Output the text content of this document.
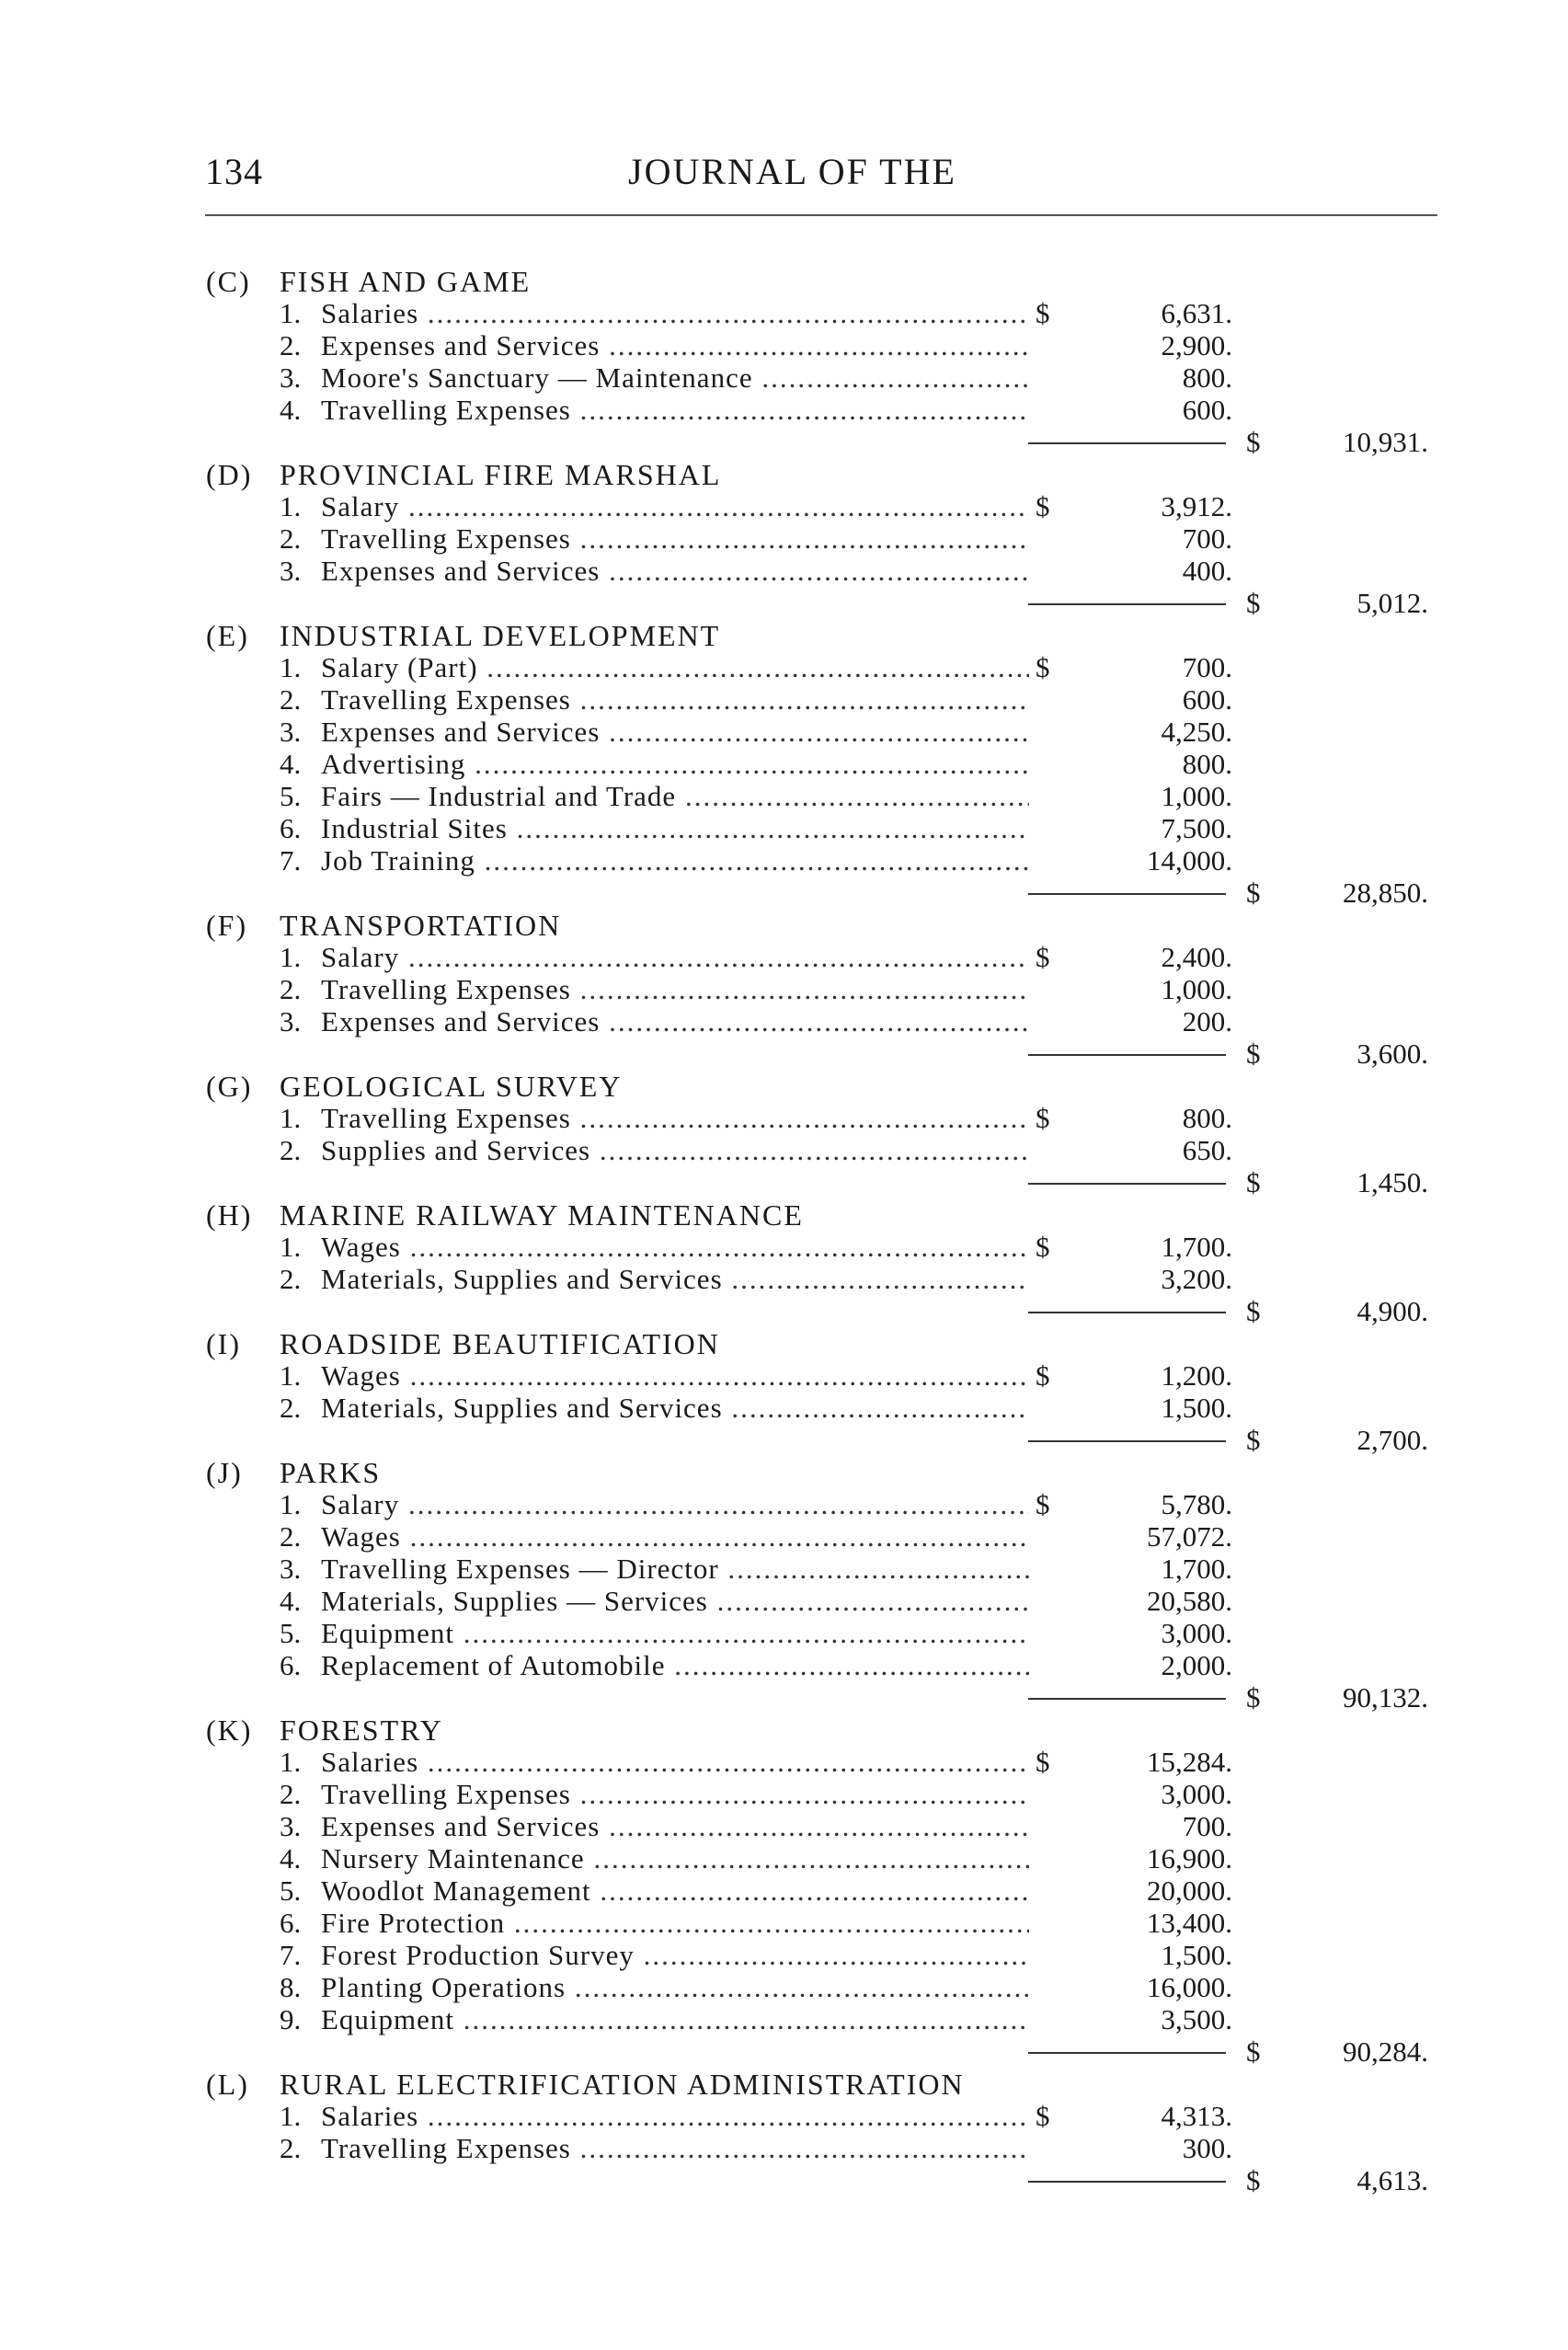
134	JOURNAL OF THE
(C) FISH AND GAME
1. Salaries .....	6,631.
$
2. Expenses and Services .....	2,900.
3. Moore's Sanctuary — Maintenance .....	800.
4. Travelling Expenses .....	600.
$	10,931.
(D) PROVINCIAL FIRE MARSHAL
1. Salary .....	3,912.
$
2. Travelling Expenses .....	700.
3. Expenses and Services .....	400.
$	5,012.
(E) INDUSTRIAL DEVELOPMENT
1. Salary (Part) .....	700.
$
2. Travelling Expenses .....	600.
3. Expenses and Services .....	4,250.
4. Advertising .....	800.
5. Fairs — Industrial and Trade .....	1,000.
6. Industrial Sites .....	7,500.
7. Job Training .....	14,000.
$	28,850.
(F) TRANSPORTATION
1. Salary .....	2,400.
$
2. Travelling Expenses .....	1,000.
3. Expenses and Services .....	200.
$	3,600.
(G) GEOLOGICAL SURVEY
1. Travelling Expenses .....	800.
$
2. Supplies and Services .....	650.
$	1,450.
(H) MARINE RAILWAY MAINTENANCE
1. Wages .....	1,700.
$
2. Materials, Supplies and Services .....	3,200.
$	4,900.
(I) ROADSIDE BEAUTIFICATION
1. Wages .....	1,200.
$
2. Materials, Supplies and Services .....	1,500.
$	2,700.
(J) PARKS
1. Salary .....	5,780.
$
2. Wages .....	57,072.
3. Travelling Expenses — Director .....	1,700.
4. Materials, Supplies — Services .....	20,580.
5. Equipment .....	3,000.
6. Replacement of Automobile .....	2,000.
$	90,132.
(K) FORESTRY
1. Salaries .....	15,284.
$
2. Travelling Expenses .....	3,000.
3. Expenses and Services .....	700.
4. Nursery Maintenance .....	16,900.
5. Woodlot Management .....	20,000.
6. Fire Protection .....	13,400.
7. Forest Production Survey .....	1,500.
8. Planting Operations .....	16,000.
9. Equipment .....	3,500.
$	90,284.
(L) RURAL ELECTRIFICATION ADMINISTRATION
1. Salaries .....	4,313.
$
2. Travelling Expenses .....	300.
$	4,613.
